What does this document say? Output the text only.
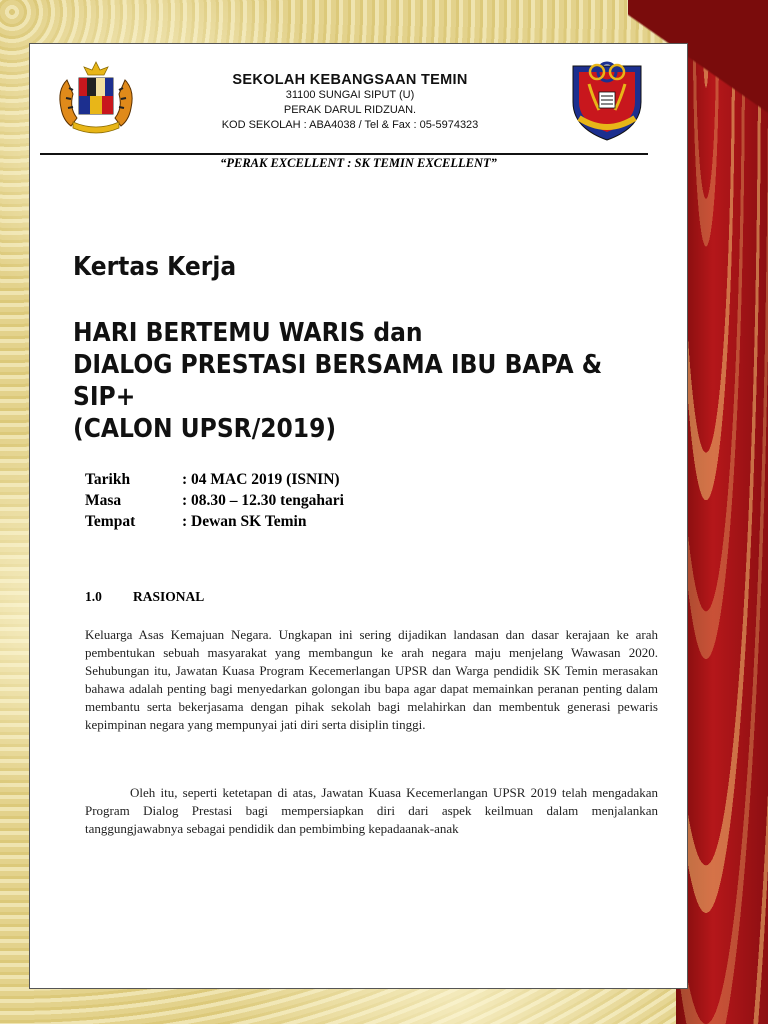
SEKOLAH KEBANGSAAN TEMIN
31100 SUNGAI SIPUT (U)
PERAK DARUL RIDZUAN.
KOD SEKOLAH : ABA4038 / Tel & Fax : 05-5974323
“PERAK EXCELLENT : SK TEMIN EXCELLENT”
Kertas Kerja
HARI BERTEMU WARIS dan
DIALOG PRESTASI BERSAMA IBU BAPA & SIP+
(CALON UPSR/2019)
Tarikh	: 04 MAC 2019 (ISNIN)
Masa	: 08.30 – 12.30 tengahari
Tempat	: Dewan SK Temin
1.0	RASIONAL
Keluarga Asas Kemajuan Negara. Ungkapan ini sering dijadikan landasan dan dasar kerajaan ke arah pembentukan sebuah masyarakat yang membangun ke arah negara maju menjelang Wawasan 2020. Sehubungan itu, Jawatan Kuasa Program Kecemerlangan UPSR dan Warga pendidik SK Temin merasakan bahawa adalah penting bagi menyedarkan golongan ibu bapa agar dapat memainkan peranan penting dalam membantu serta bekerjasama dengan pihak sekolah bagi melahirkan dan membentuk generasi pewaris kepimpinan negara yang mempunyai jati diri serta disiplin tinggi.
Oleh itu, seperti ketetapan di atas, Jawatan Kuasa Kecemerlangan UPSR 2019 telah mengadakan Program Dialog Prestasi bagi mempersiapkan diri dari aspek keilmuan dalam menjalankan tanggungjawabnya sebagai pendidik dan pembimbing kepadaanak-anak
